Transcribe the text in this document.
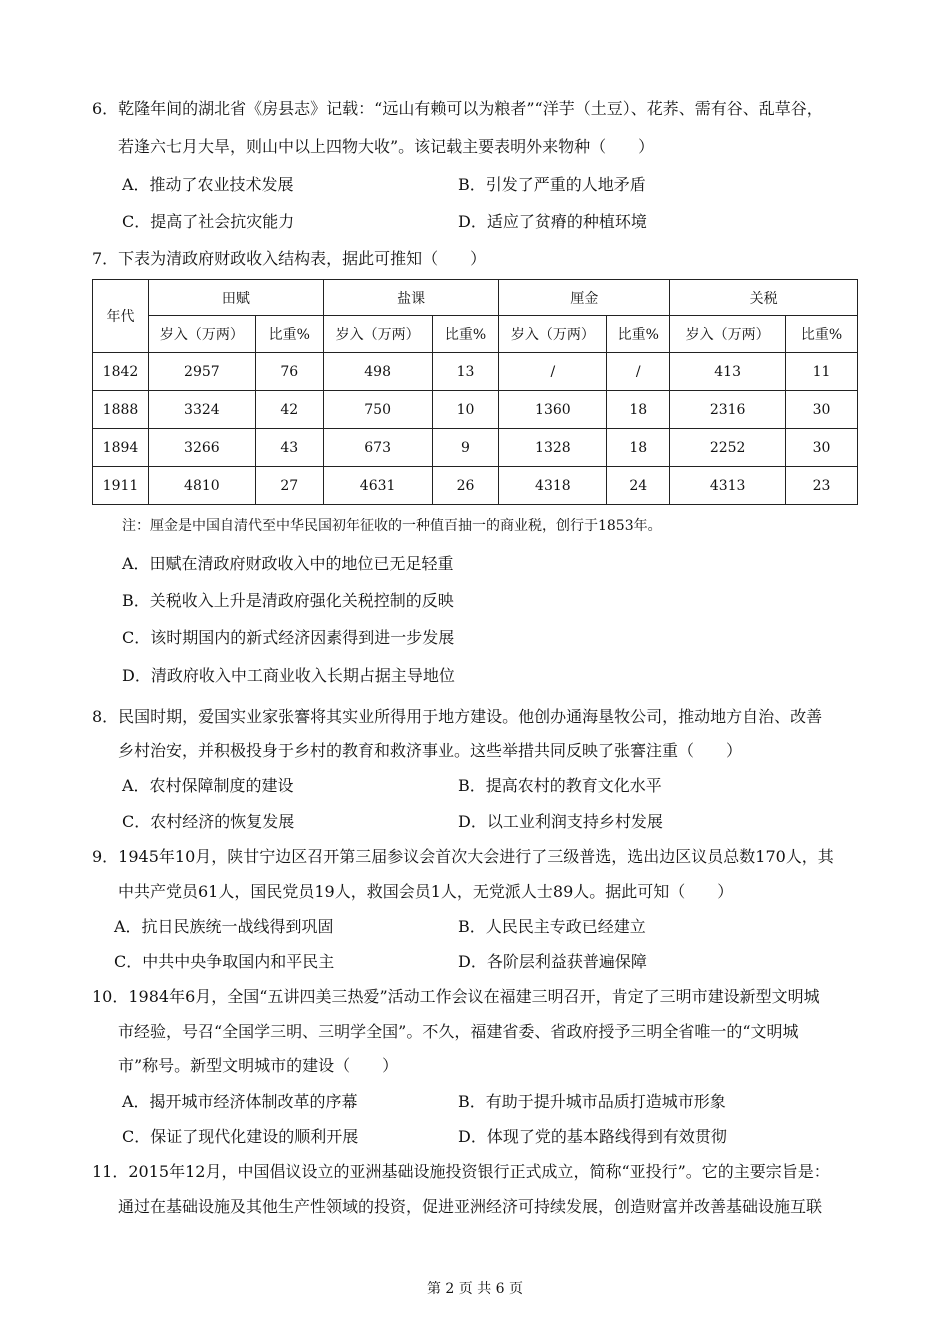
6．乾隆年间的湖北省《房县志》记载：“远山有赖可以为粮者”“洋芋（土豆）、花荞、需有谷、乱草谷，
若逢六七月大旱，则山中以上四物大收”。该记载主要表明外来物种（　　）
A．推动了农业技术发展	B．引发了严重的人地矛盾
C．提高了社会抗灾能力	D．适应了贫瘠的种植环境
7．下表为清政府财政收入结构表，据此可推知（　　）
年代	田赋		盐课		厘金		关税	
	岁入（万两）	比重%	岁入（万两）	比重%	岁入（万两）	比重%	岁入（万两）	比重%
1842	2957	76	498	13	/	/	413	11
1888	3324	42	750	10	1360	18	2316	30
1894	3266	43	673	9	1328	18	2252	30
1911	4810	27	4631	26	4318	24	4313	23
注：厘金是中国自清代至中华民国初年征收的一种值百抽一的商业税，创行于1853年。
A．田赋在清政府财政收入中的地位已无足轻重
B．关税收入上升是清政府强化关税控制的反映
C．该时期国内的新式经济因素得到进一步发展
D．清政府收入中工商业收入长期占据主导地位
8．民国时期，爱国实业家张謇将其实业所得用于地方建设。他创办通海垦牧公司，推动地方自治、改善
乡村治安，并积极投身于乡村的教育和救济事业。这些举措共同反映了张謇注重（　　）
A．农村保障制度的建设	B．提高农村的教育文化水平
C．农村经济的恢复发展	D．以工业利润支持乡村发展
9．1945年10月，陕甘宁边区召开第三届参议会首次大会进行了三级普选，选出边区议员总数170人，其
中共产党员61人，国民党员19人，救国会员1人，无党派人士89人。据此可知（　　）
A．抗日民族统一战线得到巩固	B．人民民主专政已经建立
C．中共中央争取国内和平民主	D．各阶层利益获普遍保障
10．1984年6月，全国“五讲四美三热爱”活动工作会议在福建三明召开，肯定了三明市建设新型文明城
市经验，号召“全国学三明、三明学全国”。不久，福建省委、省政府授予三明全省唯一的“文明城
市”称号。新型文明城市的建设（　　）
A．揭开城市经济体制改革的序幕	B．有助于提升城市品质打造城市形象
C．保证了现代化建设的顺利开展	D．体现了党的基本路线得到有效贯彻
11．2015年12月，中国倡议设立的亚洲基础设施投资银行正式成立，简称“亚投行”。它的主要宗旨是：
通过在基础设施及其他生产性领域的投资，促进亚洲经济可持续发展，创造财富并改善基础设施互联
第 2 页 共 6 页
